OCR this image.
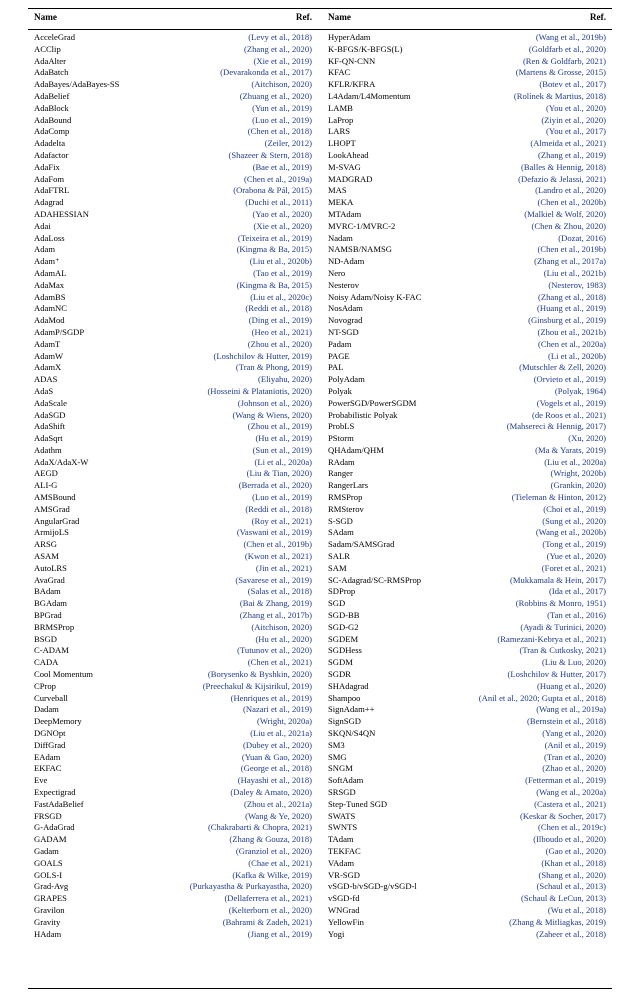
Name	Ref. Name	Ref.
AcceleGrad	(Levy et al., 2018)
ACClip	(Zhang et al., 2020)
AdaAlter	(Xie et al., 2019)
AdaBatch	(Devarakonda et al., 2017)
AdaBayes/AdaBayes-SS	(Aitchison, 2020)
AdaBelief	(Zhuang et al., 2020)
AdaBlock	(Yun et al., 2019)
AdaBound	(Luo et al., 2019)
AdaComp	(Chen et al., 2018)
Adadelta	(Zeiler, 2012)
Adafactor	(Shazeer & Stern, 2018)
AdaFix	(Bae et al., 2019)
AdaFom	(Chen et al., 2019a)
AdaFTRL	(Orabona & Pál, 2015)
Adagrad	(Duchi et al., 2011)
ADAHESSIAN	(Yao et al., 2020)
Adai	(Xie et al., 2020)
AdaLoss	(Teixeira et al., 2019)
Adam	(Kingma & Ba, 2015)
Adam⁺	(Liu et al., 2020b)
AdamAL	(Tao et al., 2019)
AdaMax	(Kingma & Ba, 2015)
AdamBS	(Liu et al., 2020c)
AdamNC	(Reddi et al., 2018)
AdaMod	(Ding et al., 2019)
AdamP/SGDP	(Heo et al., 2021)
AdamT	(Zhou et al., 2020)
AdamW	(Loshchilov & Hutter, 2019)
AdamX	(Tran & Phong, 2019)
ADAS	(Eliyahu, 2020)
AdaS	(Hosseini & Plataniotis, 2020)
AdaScale	(Johnson et al., 2020)
AdaSGD	(Wang & Wiens, 2020)
AdaShift	(Zhou et al., 2019)
AdaSqrt	(Hu et al., 2019)
Adathm	(Sun et al., 2019)
AdaX/AdaX-W	(Li et al., 2020a)
AEGD	(Liu & Tian, 2020)
ALI-G	(Berrada et al., 2020)
AMSBound	(Luo et al., 2019)
AMSGrad	(Reddi et al., 2018)
AngularGrad	(Roy et al., 2021)
ArmijoLS	(Vaswani et al., 2019)
ARSG	(Chen et al., 2019b)
ASAM	(Kwon et al., 2021)
AutoLRS	(Jin et al., 2021)
AvaGrad	(Savarese et al., 2019)
BAdam	(Salas et al., 2018)
BGAdam	(Bai & Zhang, 2019)
BPGrad	(Zhang et al., 2017b)
BRMSProp	(Aitchison, 2020)
BSGD	(Hu et al., 2020)
C-ADAM	(Tutunov et al., 2020)
CADA	(Chen et al., 2021)
Cool Momentum	(Borysenko & Byshkin, 2020)
CProp	(Preechakul & Kijsirikul, 2019)
Curveball	(Henriques et al., 2019)
Dadam	(Nazari et al., 2019)
DeepMemory	(Wright, 2020a)
DGNOpt	(Liu et al., 2021a)
DiffGrad	(Dubey et al., 2020)
EAdam	(Yuan & Gao, 2020)
EKFAC	(George et al., 2018)
Eve	(Hayashi et al., 2018)
Expectigrad	(Daley & Amato, 2020)
FastAdaBelief	(Zhou et al., 2021a)
FRSGD	(Wang & Ye, 2020)
G-AdaGrad	(Chakrabarti & Chopra, 2021)
GADAM	(Zhang & Gouza, 2018)
Gadam	(Granziol et al., 2020)
GOALS	(Chae et al., 2021)
GOLS-I	(Kafka & Wilke, 2019)
Grad-Avg	(Purkayastha & Purkayastha, 2020)
GRAPES	(Dellaferrera et al., 2021)
Gravilon	(Kelterborn et al., 2020)
Gravity	(Bahrami & Zadeh, 2021)
HAdam	(Jiang et al., 2019)
HyperAdam	(Wang et al., 2019b)
K-BFGS/K-BFGS(L)	(Goldfarb et al., 2020)
KF-QN-CNN	(Ren & Goldfarb, 2021)
KFAC	(Martens & Grosse, 2015)
KFLR/KFRA	(Botev et al., 2017)
L4Adam/L4Momentum	(Rolínek & Martius, 2018)
LAMB	(You et al., 2020)
LaProp	(Ziyin et al., 2020)
LARS	(You et al., 2017)
LHOPT	(Almeida et al., 2021)
LookAhead	(Zhang et al., 2019)
M-SVAG	(Balles & Hennig, 2018)
MADGRAD	(Defazio & Jelassi, 2021)
MAS	(Landro et al., 2020)
MEKA	(Chen et al., 2020b)
MTAdam	(Malkiel & Wolf, 2020)
MVRC-1/MVRC-2	(Chen & Zhou, 2020)
Nadam	(Dozat, 2016)
NAMSB/NAMSG	(Chen et al., 2019b)
ND-Adam	(Zhang et al., 2017a)
Nero	(Liu et al., 2021b)
Nesterov	(Nesterov, 1983)
Noisy Adam/Noisy K-FAC	(Zhang et al., 2018)
NosAdam	(Huang et al., 2019)
Novograd	(Ginsburg et al., 2019)
NT-SGD	(Zhou et al., 2021b)
Padam	(Chen et al., 2020a)
PAGE	(Li et al., 2020b)
PAL	(Mutschler & Zell, 2020)
PolyAdam	(Orvieto et al., 2019)
Polyak	(Polyak, 1964)
PowerSGD/PowerSGDM	(Vogels et al., 2019)
Probabilistic Polyak	(de Roos et al., 2021)
ProbLS	(Mahsereci & Hennig, 2017)
PStorm	(Xu, 2020)
QHAdam/QHM	(Ma & Yarats, 2019)
RAdam	(Liu et al., 2020a)
Ranger	(Wright, 2020b)
RangerLars	(Grankin, 2020)
RMSProp	(Tieleman & Hinton, 2012)
RMSterov	(Choi et al., 2019)
S-SGD	(Sung et al., 2020)
SAdam	(Wang et al., 2020b)
Sadam/SAMSGrad	(Tong et al., 2019)
SALR	(Yue et al., 2020)
SAM	(Foret et al., 2021)
SC-Adagrad/SC-RMSProp	(Mukkamala & Hein, 2017)
SDProp	(Ida et al., 2017)
SGD	(Robbins & Monro, 1951)
SGD-BB	(Tan et al., 2016)
SGD-G2	(Ayadi & Turinici, 2020)
SGDEM	(Ramezani-Kebrya et al., 2021)
SGDHess	(Tran & Cutkosky, 2021)
SGDM	(Liu & Luo, 2020)
SGDR	(Loshchilov & Hutter, 2017)
SHAdagrad	(Huang et al., 2020)
Shampoo	(Anil et al., 2020; Gupta et al., 2018)
SignAdam++	(Wang et al., 2019a)
SignSGD	(Bernstein et al., 2018)
SKQN/S4QN	(Yang et al., 2020)
SM3	(Anil et al., 2019)
SMG	(Tran et al., 2020)
SNGM	(Zhao et al., 2020)
SoftAdam	(Fetterman et al., 2019)
SRSGD	(Wang et al., 2020a)
Step-Tuned SGD	(Castera et al., 2021)
SWATS	(Keskar & Socher, 2017)
SWNTS	(Chen et al., 2019c)
TAdam	(Ilboudo et al., 2020)
TEKFAC	(Gao et al., 2020)
VAdam	(Khan et al., 2018)
VR-SGD	(Shang et al., 2020)
vSGD-b/vSGD-g/vSGD-l	(Schaul et al., 2013)
vSGD-fd	(Schaul & LeCun, 2013)
WNGrad	(Wu et al., 2018)
YellowFin	(Zhang & Mitliagkas, 2019)
Yogi	(Zaheer et al., 2018)
